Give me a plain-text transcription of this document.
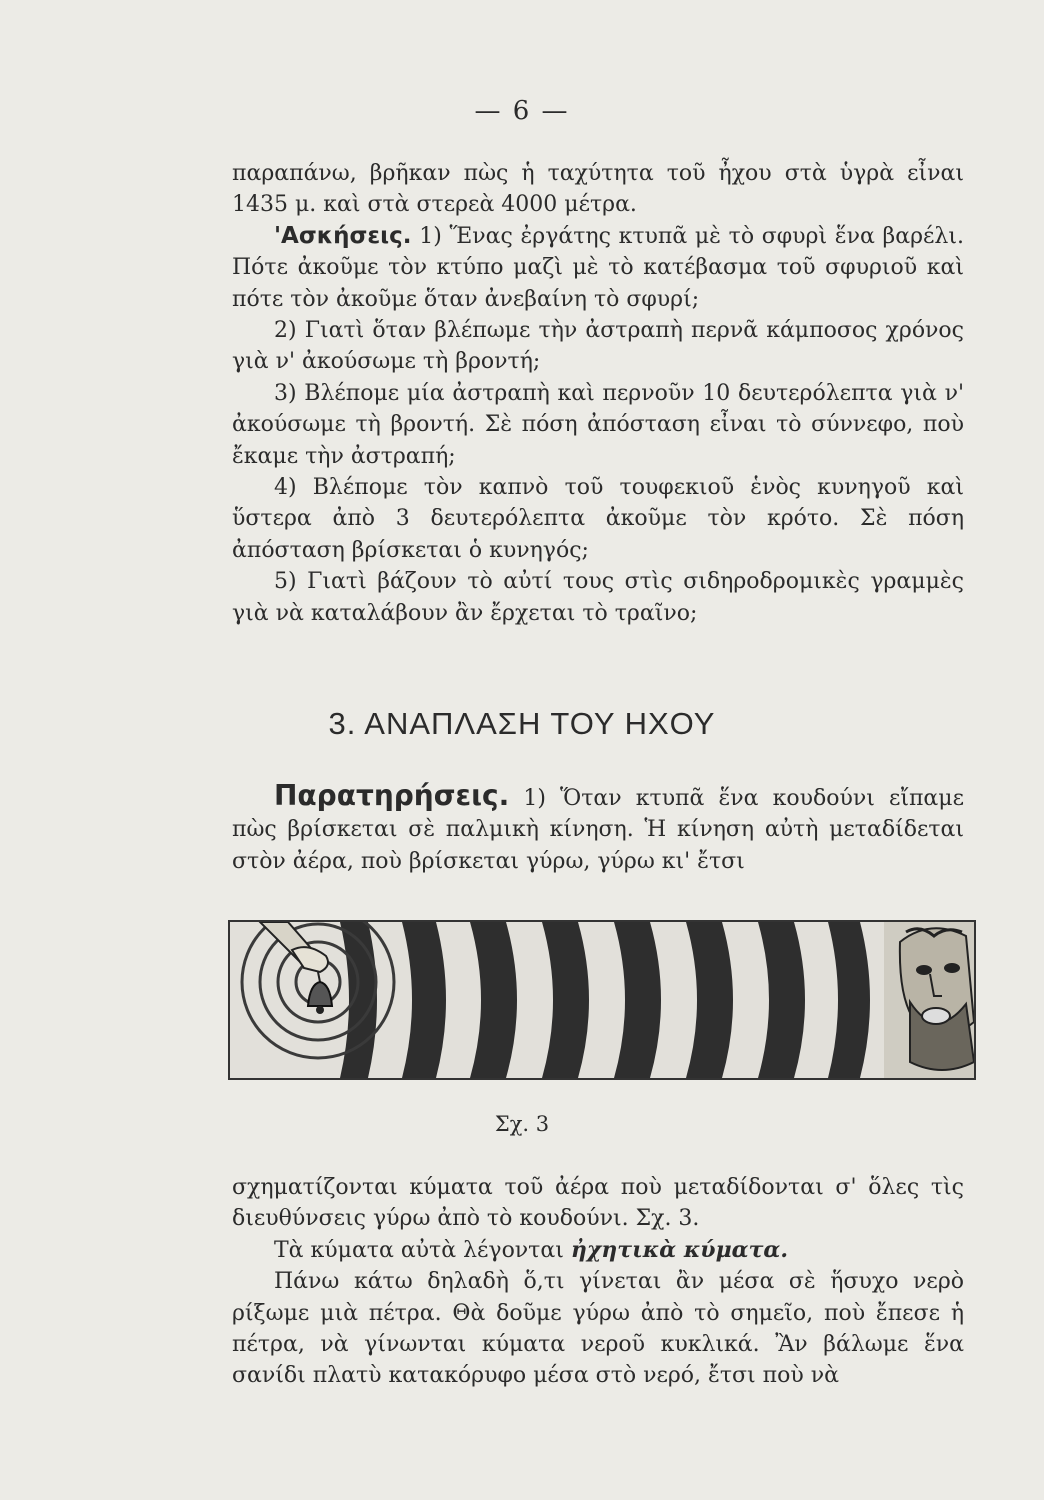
— 6 —

παραπάνω, βρῆκαν πὼς ἡ ταχύτητα τοῦ ἦχου στὰ ὑγρὰ εἶναι 1435 μ. καὶ στὰ στερεὰ 4000 μέτρα.

'Ασκήσεις. 1) Ἕνας ἐργάτης κτυπᾶ μὲ τὸ σφυρὶ ἕνα βαρέλι. Πότε ἀκοῦμε τὸν κτύπο μαζὶ μὲ τὸ κατέβασμα τοῦ σφυριοῦ καὶ πότε τὸν ἀκοῦμε ὅταν ἀνεβαίνη τὸ σφυρί;

2) Γιατὶ ὅταν βλέπωμε τὴν ἀστραπὴ περνᾶ κάμποσος χρόνος γιὰ ν' ἀκούσωμε τὴ βροντή;

3) Βλέπομε μία ἀστραπὴ καὶ περνοῦν 10 δευτερόλεπτα γιὰ ν' ἀκούσωμε τὴ βροντή. Σὲ πόση ἀπόσταση εἶναι τὸ σύννεφο, ποὺ ἔκαμε τὴν ἀστραπή;

4) Βλέπομε τὸν καπνὸ τοῦ τουφεκιοῦ ἑνὸς κυνηγοῦ καὶ ὕστερα ἀπὸ 3 δευτερόλεπτα ἀκοῦμε τὸν κρότο. Σὲ πόση ἀπόσταση βρίσκεται ὁ κυνηγός;

5) Γιατὶ βάζουν τὸ αὐτί τους στὶς σιδηροδρομικὲς γραμμὲς γιὰ νὰ καταλάβουν ἂν ἔρχεται τὸ τραῖνο;

3. ΑΝΑΠΛΑΣΗ ΤΟΥ ΗΧΟΥ

Παρατηρήσεις. 1) Ὅταν κτυπᾶ ἕνα κουδούνι εἴπαμε πὼς βρίσκεται σὲ παλμικὴ κίνηση. Ἡ κίνηση αὐτὴ μεταδίδεται στὸν ἀέρα, ποὺ βρίσκεται γύρω, γύρω κι' ἔτσι

Σχ. 3

σχηματίζονται κύματα τοῦ ἀέρα ποὺ μεταδίδονται σ' ὅλες τὶς διευθύνσεις γύρω ἀπὸ τὸ κουδούνι. Σχ. 3.

Τὰ κύματα αὐτὰ λέγονται ἠχητικὰ κύματα.

Πάνω κάτω δηλαδὴ ὅ,τι γίνεται ἂν μέσα σὲ ἥσυχο νερὸ ρίξωμε μιὰ πέτρα. Θὰ δοῦμε γύρω ἀπὸ τὸ σημεῖο, ποὺ ἔπεσε ἡ πέτρα, νὰ γίνωνται κύματα νεροῦ κυκλικά. Ἂν βάλωμε ἕνα σανίδι πλατὺ κατακόρυφο μέσα στὸ νερό, ἔτσι ποὺ νὰ
